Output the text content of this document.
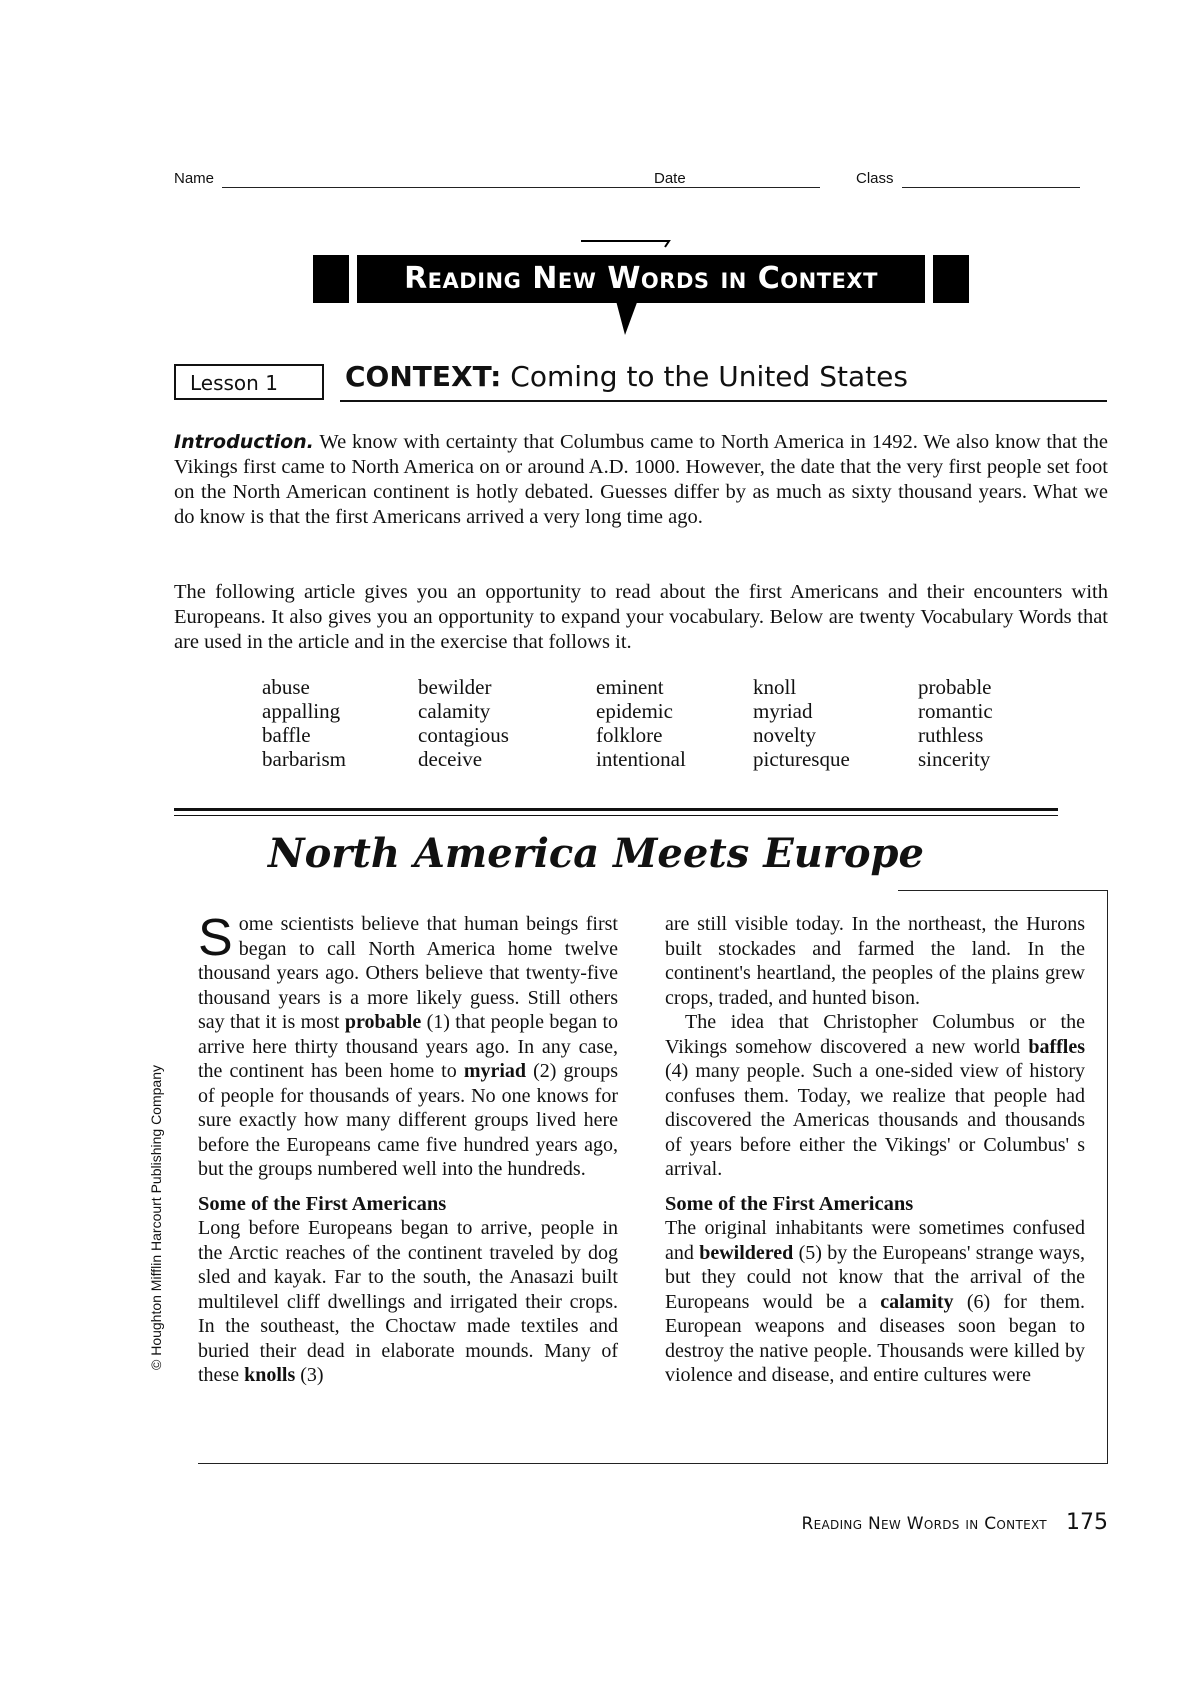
Name	Date	Class
Reading New Words in Context
Lesson 1 CONTEXT: Coming to the United States
Introduction. We know with certainty that Columbus came to North America in 1492. We also know that the Vikings first came to North America on or around A.D. 1000. However, the date that the very first people set foot on the North American continent is hotly debated. Guesses differ by as much as sixty thousand years. What we do know is that the first Americans arrived a very long time ago.
The following article gives you an opportunity to read about the first Americans and their encounters with Europeans. It also gives you an opportunity to expand your vocabulary. Below are twenty Vocabulary Words that are used in the article and in the exercise that follows it.
abuse
appalling
baffle
barbarism
bewilder
calamity
contagious
deceive
eminent
epidemic
folklore
intentional
knoll
myriad
novelty
picturesque
probable
romantic
ruthless
sincerity
North America Meets Europe

Some scientists believe that human beings first began to call North America home twelve thousand years ago. Others believe that twenty-five thousand years is a more likely guess. Still others say that it is most probable (1) that people began to arrive here thirty thousand years ago. In any case, the continent has been home to myriad (2) groups of people for thousands of years. No one knows for sure exactly how many different groups lived here before the Europeans came five hundred years ago, but the groups numbered well into the hundreds.

Some of the First Americans

Long before Europeans began to arrive, people in the Arctic reaches of the continent traveled by dog sled and kayak. Far to the south, the Anasazi built multilevel cliff dwellings and irrigated their crops. In the southeast, the Choctaw made textiles and buried their dead in elaborate mounds. Many of these knolls (3)

are still visible today. In the northeast, the Hurons built stockades and farmed the land. In the continent's heartland, the peoples of the plains grew crops, traded, and hunted bison.

The idea that Christopher Columbus or the Vikings somehow discovered a new world baffles (4) many people. Such a one-sided view of history confuses them. Today, we realize that people had discovered the Americas thousands and thousands of years before either the Vikings' or Columbus' s arrival.

Some of the First Americans

The original inhabitants were sometimes confused and bewildered (5) by the Europeans' strange ways, but they could not know that the arrival of the Europeans would be a calamity (6) for them. European weapons and diseases soon began to destroy the native people. Thousands were killed by violence and disease, and entire cultures were

© Houghton Mifflin Harcourt Publishing Company
Reading New Words in Context 175
